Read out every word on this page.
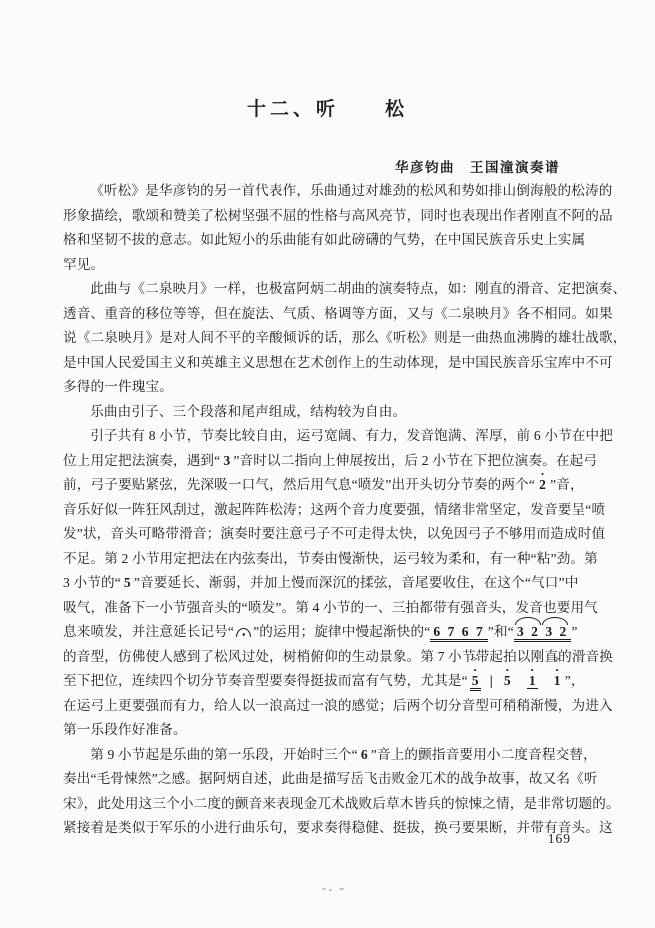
十二、听　　松
华彦钧曲　王国潼演奏谱
《听松》是华彦钧的另一首代表作，乐曲通过对雄劲的松风和势如排山倒海般的松涛的
形象描绘，歌颂和赞美了松树坚强不屈的性格与高风亮节，同时也表现出作者刚直不阿的品
格和坚韧不拔的意志。如此短小的乐曲能有如此磅礴的气势，在中国民族音乐史上实属
罕见。
此曲与《二泉映月》一样，也极富阿炳二胡曲的演奏特点，如：刚直的滑音、定把演奏、
透音、重音的移位等等，但在旋法、气质、格调等方面，又与《二泉映月》各不相同。如果
说《二泉映月》是对人间不平的辛酸倾诉的话，那么《听松》则是一曲热血沸腾的雄壮战歌，
是中国人民爱国主义和英雄主义思想在艺术创作上的生动体现，是中国民族音乐宝库中不可
多得的一件瑰宝。
乐曲由引子、三个段落和尾声组成，结构较为自由。
引子共有 8 小节，节奏比较自由，运弓宽阔、有力，发音饱满、浑厚，前 6 小节在中把
位上用定把法演奏，遇到“ 3 ”音时以二指向上伸展按出，后 2 小节在下把位演奏。在起弓
前，弓子要贴紧弦，先深吸一口气，然后用气息“喷发”出开头切分节奏的两个“ · 2 ”音，
音乐好似一阵狂风刮过，激起阵阵松涛；这两个音力度要强，情绪非常坚定，发音要呈“喷
发”状，音头可略带滑音；演奏时要注意弓子不可走得太快，以免因弓子不够用而造成时值
不足。第 2 小节用定把法在内弦奏出，节奏由慢渐快，运弓较为柔和，有一种“粘”劲。第
3 小节的“ 5 ”音要延长、渐弱，并加上慢而深沉的揉弦，音尾要收住，在这个“气口”中
吸气，准备下一小节强音头的“喷发”。第 4 小节的一、三拍都带有强音头，发音也要用气
息来喷发，并注意延长记号“ ”的运用；旋律中慢起渐快的“ 6 7 6 7 ”和“ 3 2 3 2 ”
的音型，仿佛使人感到了松风过处，树梢俯仰的生动景象。第 7 小节带起拍以刚直的滑音换
至下把位，连续四个切分节奏音型要奏得挺拔而富有气势，尤其是“ · 5 > | · 5 · 1 · 1 > ”，
在运弓上更要强而有力，给人以一浪高过一浪的感觉；后两个切分音型可稍稍渐慢，为进入
第一乐段作好准备。
第 9 小节起是乐曲的第一乐段，开始时三个“ 6 ”音上的颤指音要用小二度音程交替，
奏出“毛骨悚然”之感。据阿炳自述，此曲是描写岳飞击败金兀术的战争故事，故又名《听
宋》，此处用这三个小二度的颤音来表现金兀术战败后草木皆兵的惊悚之情，是非常切题的。
紧接着是类似于军乐的小进行曲乐句，要求奏得稳健、挺拔，换弓要果断，并带有音头。这
169
